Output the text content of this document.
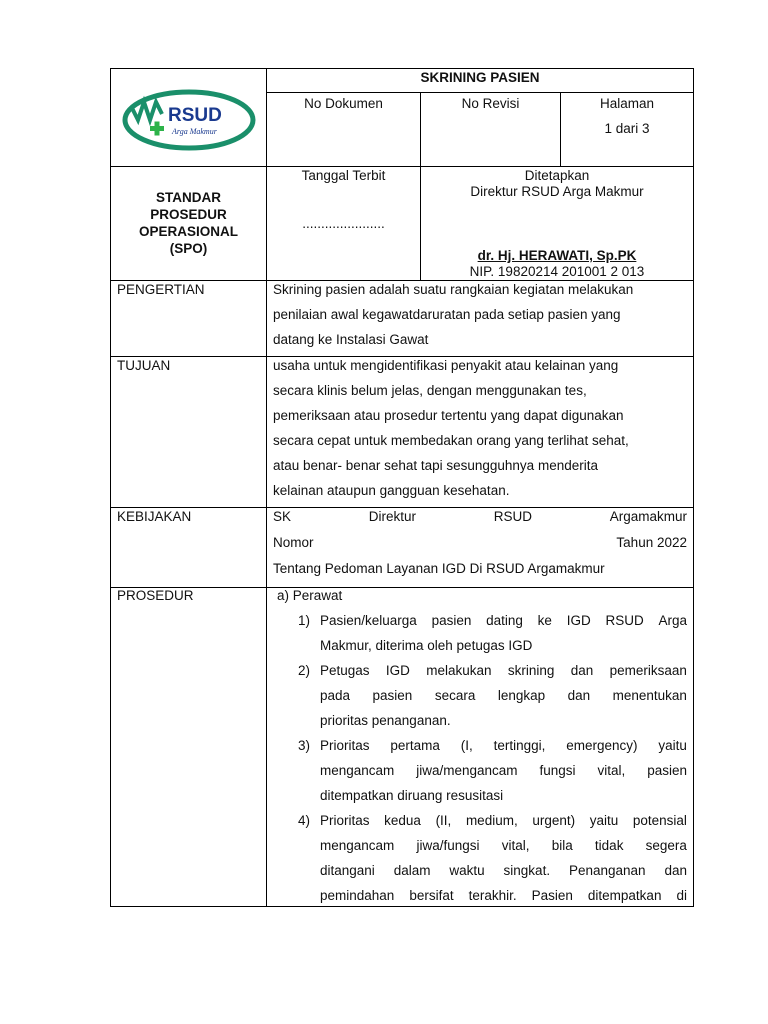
RSUD
Arga Makmur
SKRINING PASIEN
No Dokumen	No Revisi	Halaman
1 dari 3
STANDAR
PROSEDUR
OPERASIONAL
(SPO)
Tanggal Terbit
......................
Ditetapkan
Direktur RSUD Arga Makmur
dr. Hj. HERAWATI, Sp.PK
NIP. 19820214 201001 2 013
PENGERTIAN	Skrining pasien adalah suatu rangkaian kegiatan melakukan
penilaian awal kegawatdaruratan pada setiap pasien yang
datang ke Instalasi Gawat
TUJUAN	usaha untuk mengidentifikasi penyakit atau kelainan yang
secara klinis belum jelas, dengan menggunakan tes,
pemeriksaan atau prosedur tertentu yang dapat digunakan
secara cepat untuk membedakan orang yang terlihat sehat,
atau benar- benar sehat tapi sesungguhnya menderita
kelainan ataupun gangguan kesehatan.
KEBIJAKAN	SK	Direktur	RSUD	Argamakmur
Nomor	Tahun 2022
Tentang Pedoman Layanan IGD Di RSUD Argamakmur
PROSEDUR	a) Perawat
1) Pasien/keluarga pasien dating ke IGD RSUD Arga
Makmur, diterima oleh petugas IGD
2) Petugas IGD melakukan skrining dan pemeriksaan
pada pasien secara lengkap dan menentukan
prioritas penanganan.
3) Prioritas pertama (I, tertinggi, emergency) yaitu
mengancam jiwa/mengancam fungsi vital, pasien
ditempatkan diruang resusitasi
4) Prioritas kedua (II, medium, urgent) yaitu potensial
mengancam jiwa/fungsi vital, bila tidak segera
ditangani dalam waktu singkat. Penanganan dan
pemindahan bersifat terakhir. Pasien ditempatkan di
